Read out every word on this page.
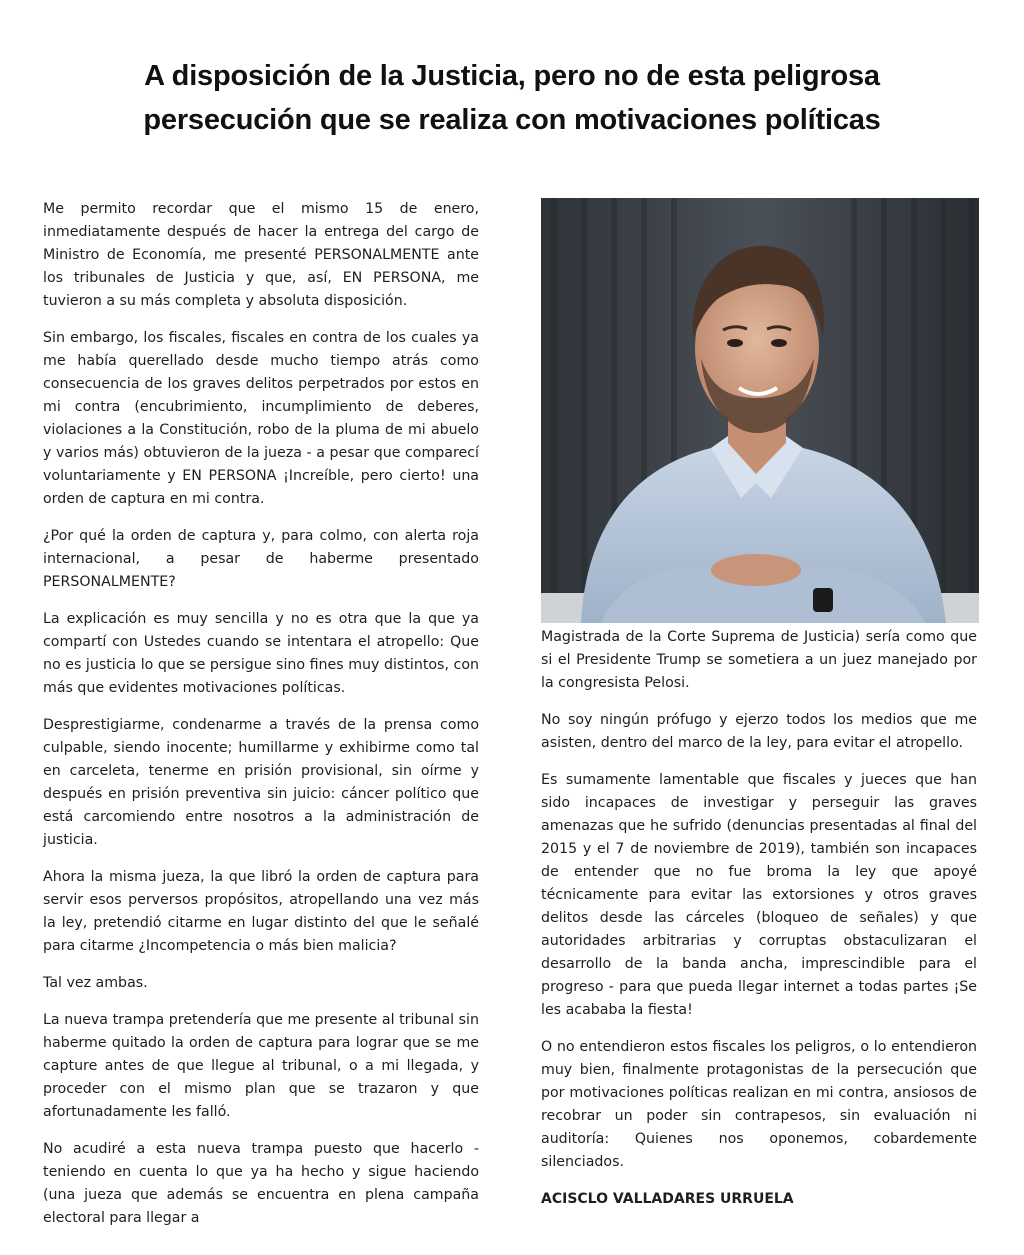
A disposición de la Justicia, pero no de esta peligrosa
persecución que se realiza con motivaciones políticas

Me permito recordar que el mismo 15 de enero, inmediatamente después de hacer la entrega del cargo de Ministro de Economía, me presenté PERSONALMENTE ante los tribunales de Justicia y que, así, EN PERSONA, me tuvieron a su más completa y absoluta disposición.

Sin embargo, los fiscales, fiscales en contra de los cuales ya me había querellado desde mucho tiempo atrás como consecuencia de los graves delitos perpetrados por estos en mi contra (encubrimiento, incumplimiento de deberes, violaciones a la Constitución, robo de la pluma de mi abuelo y varios más) obtuvieron de la jueza - a pesar que comparecí voluntariamente y EN PERSONA ¡Increíble, pero cierto! una orden de captura en mi contra.

¿Por qué la orden de captura y, para colmo, con alerta roja internacional, a pesar de haberme presentado PERSONALMENTE?

La explicación es muy sencilla y no es otra que la que ya compartí con Ustedes cuando se intentara el atropello: Que no es justicia lo que se persigue sino fines muy distintos, con más que evidentes motivaciones políticas.

Desprestigiarme, condenarme a través de la prensa como culpable, siendo inocente; humillarme y exhibirme como tal en carceleta, tenerme en prisión provisional, sin oírme y después en prisión preventiva sin juicio: cáncer político que está carcomiendo entre nosotros a la administración de justicia.

Ahora la misma jueza, la que libró la orden de captura para servir esos perversos propósitos, atropellando una vez más la ley, pretendió citarme en lugar distinto del que le señalé para citarme ¿Incompetencia o más bien malicia?

Tal vez ambas.

La nueva trampa pretendería que me presente al tribunal sin haberme quitado la orden de captura para lograr que se me capture antes de que llegue al tribunal, o a mi llegada, y proceder con el mismo plan que se trazaron y que afortunadamente les falló.

No acudiré a esta nueva trampa puesto que hacerlo - teniendo en cuenta lo que ya ha hecho y sigue haciendo (una jueza que además se encuentra en plena campaña electoral para llegar a

Magistrada de la Corte Suprema de Justicia) sería como que si el Presidente Trump se sometiera a un juez manejado por la congresista Pelosi.

No soy ningún prófugo y ejerzo todos los medios que me asisten, dentro del marco de la ley, para evitar el atropello.

Es sumamente lamentable que fiscales y jueces que han sido incapaces de investigar y perseguir las graves amenazas que he sufrido (denuncias presentadas al final del 2015 y el 7 de noviembre de 2019), también son incapaces de entender que no fue broma la ley que apoyé técnicamente para evitar las extorsiones y otros graves delitos desde las cárceles (bloqueo de señales) y que autoridades arbitrarias y corruptas obstaculizaran el desarrollo de la banda ancha, imprescindible para el progreso - para que pueda llegar internet a todas partes ¡Se les acababa la fiesta!

O no entendieron estos fiscales los peligros, o lo entendieron muy bien, finalmente protagonistas de la persecución que por motivaciones políticas realizan en mi contra, ansiosos de recobrar un poder sin contrapesos, sin evaluación ni auditoría: Quienes nos oponemos, cobardemente silenciados.

ACISCLO VALLADARES URRUELA
